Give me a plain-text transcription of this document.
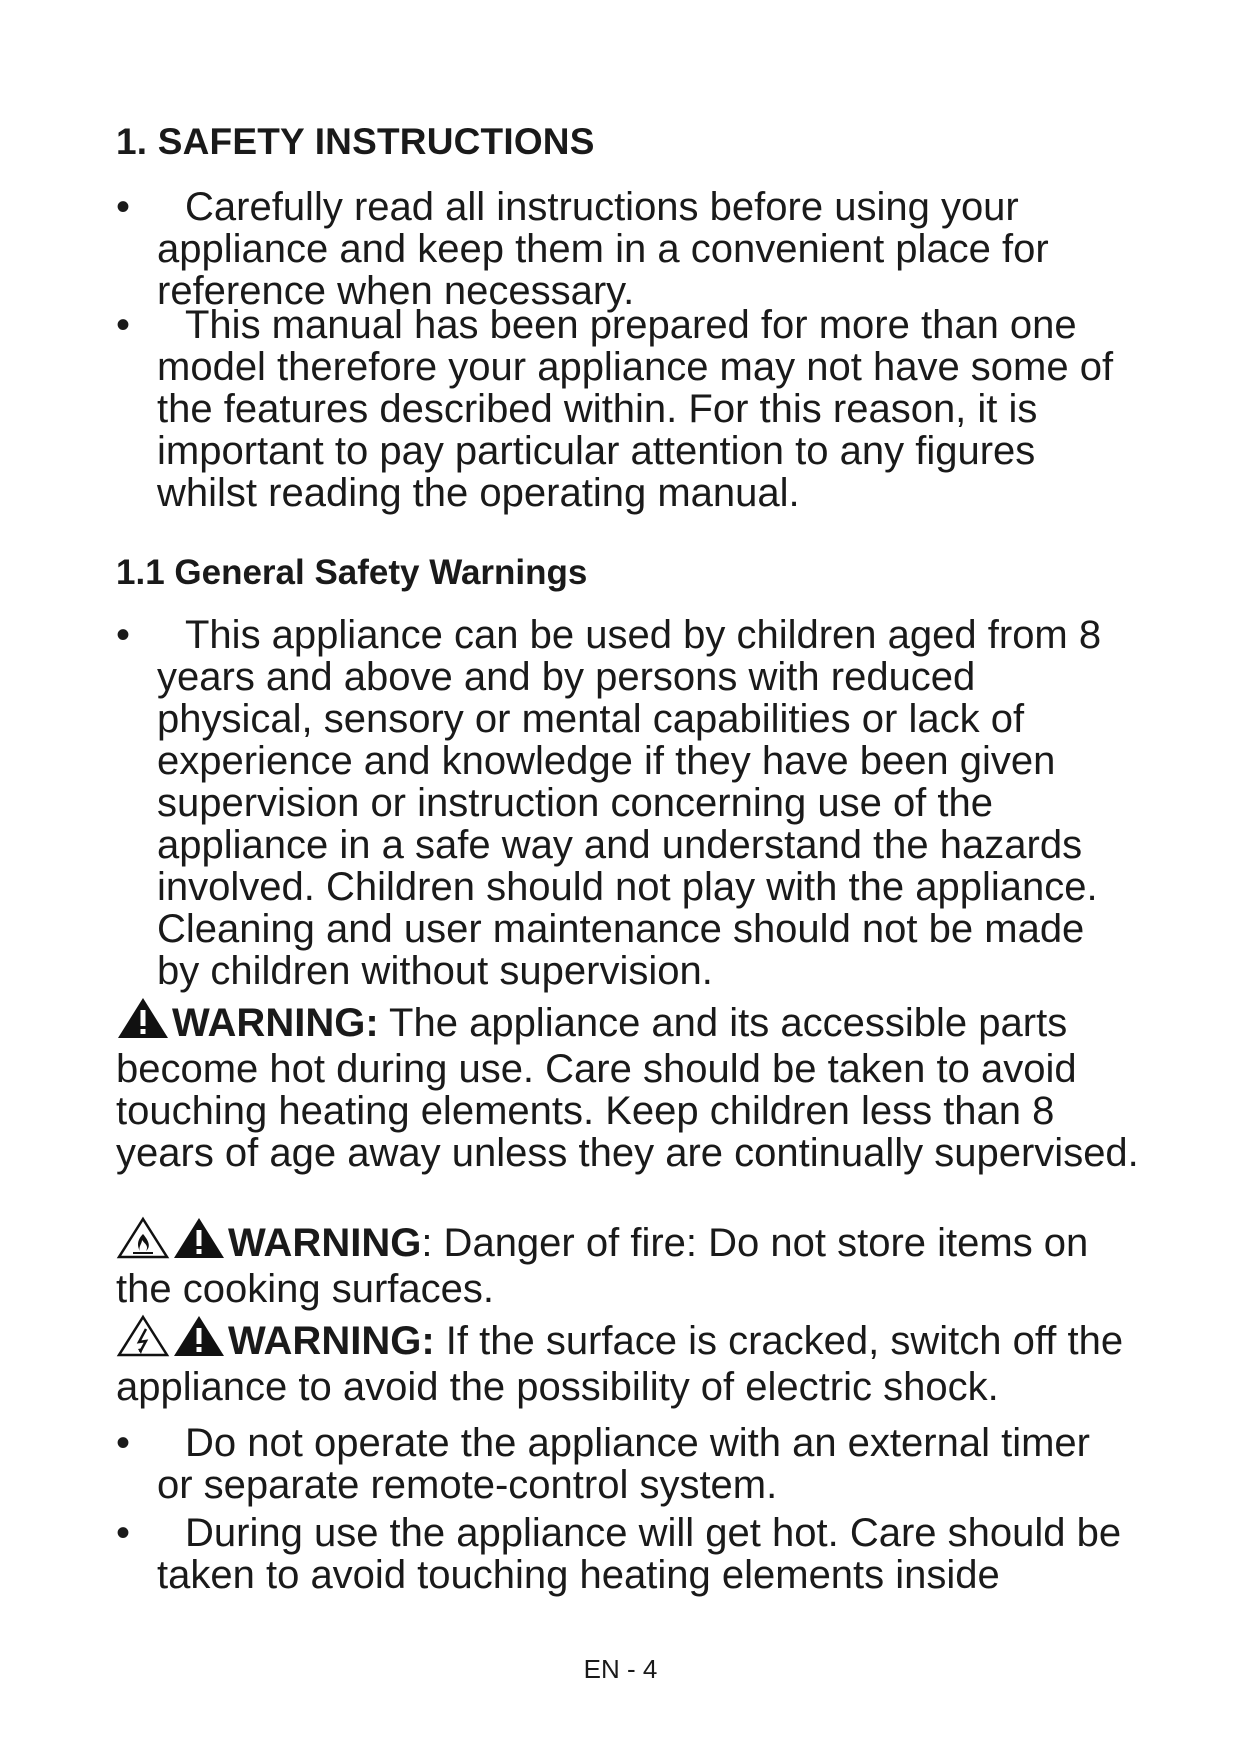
1. SAFETY INSTRUCTIONS
•	Carefully read all instructions before using your appliance and keep them in a convenient place for reference when necessary.
•	This manual has been prepared for more than one model therefore your appliance may not have some of the features described within. For this reason, it is important to pay particular attention to any figures whilst reading the operating manual.
1.1 General Safety Warnings
•	This appliance can be used by children aged from 8 years and above and by persons with reduced physical, sensory or mental capabilities or lack of experience and knowledge if they have been given supervision or instruction concerning use of the appliance in a safe way and understand the hazards involved. Children should not play with the appliance. Cleaning and user maintenance should not be made by children without supervision.
WARNING: The appliance and its accessible parts become hot during use. Care should be taken to avoid touching heating elements. Keep children less than 8 years of age away unless they are continually supervised.
WARNING: Danger of fire: Do not store items on the cooking surfaces.
WARNING: If the surface is cracked, switch off the appliance to avoid the possibility of electric shock.
•	Do not operate the appliance with an external timer or separate remote-control system.
•	During use the appliance will get hot. Care should be taken to avoid touching heating elements inside
EN - 4
